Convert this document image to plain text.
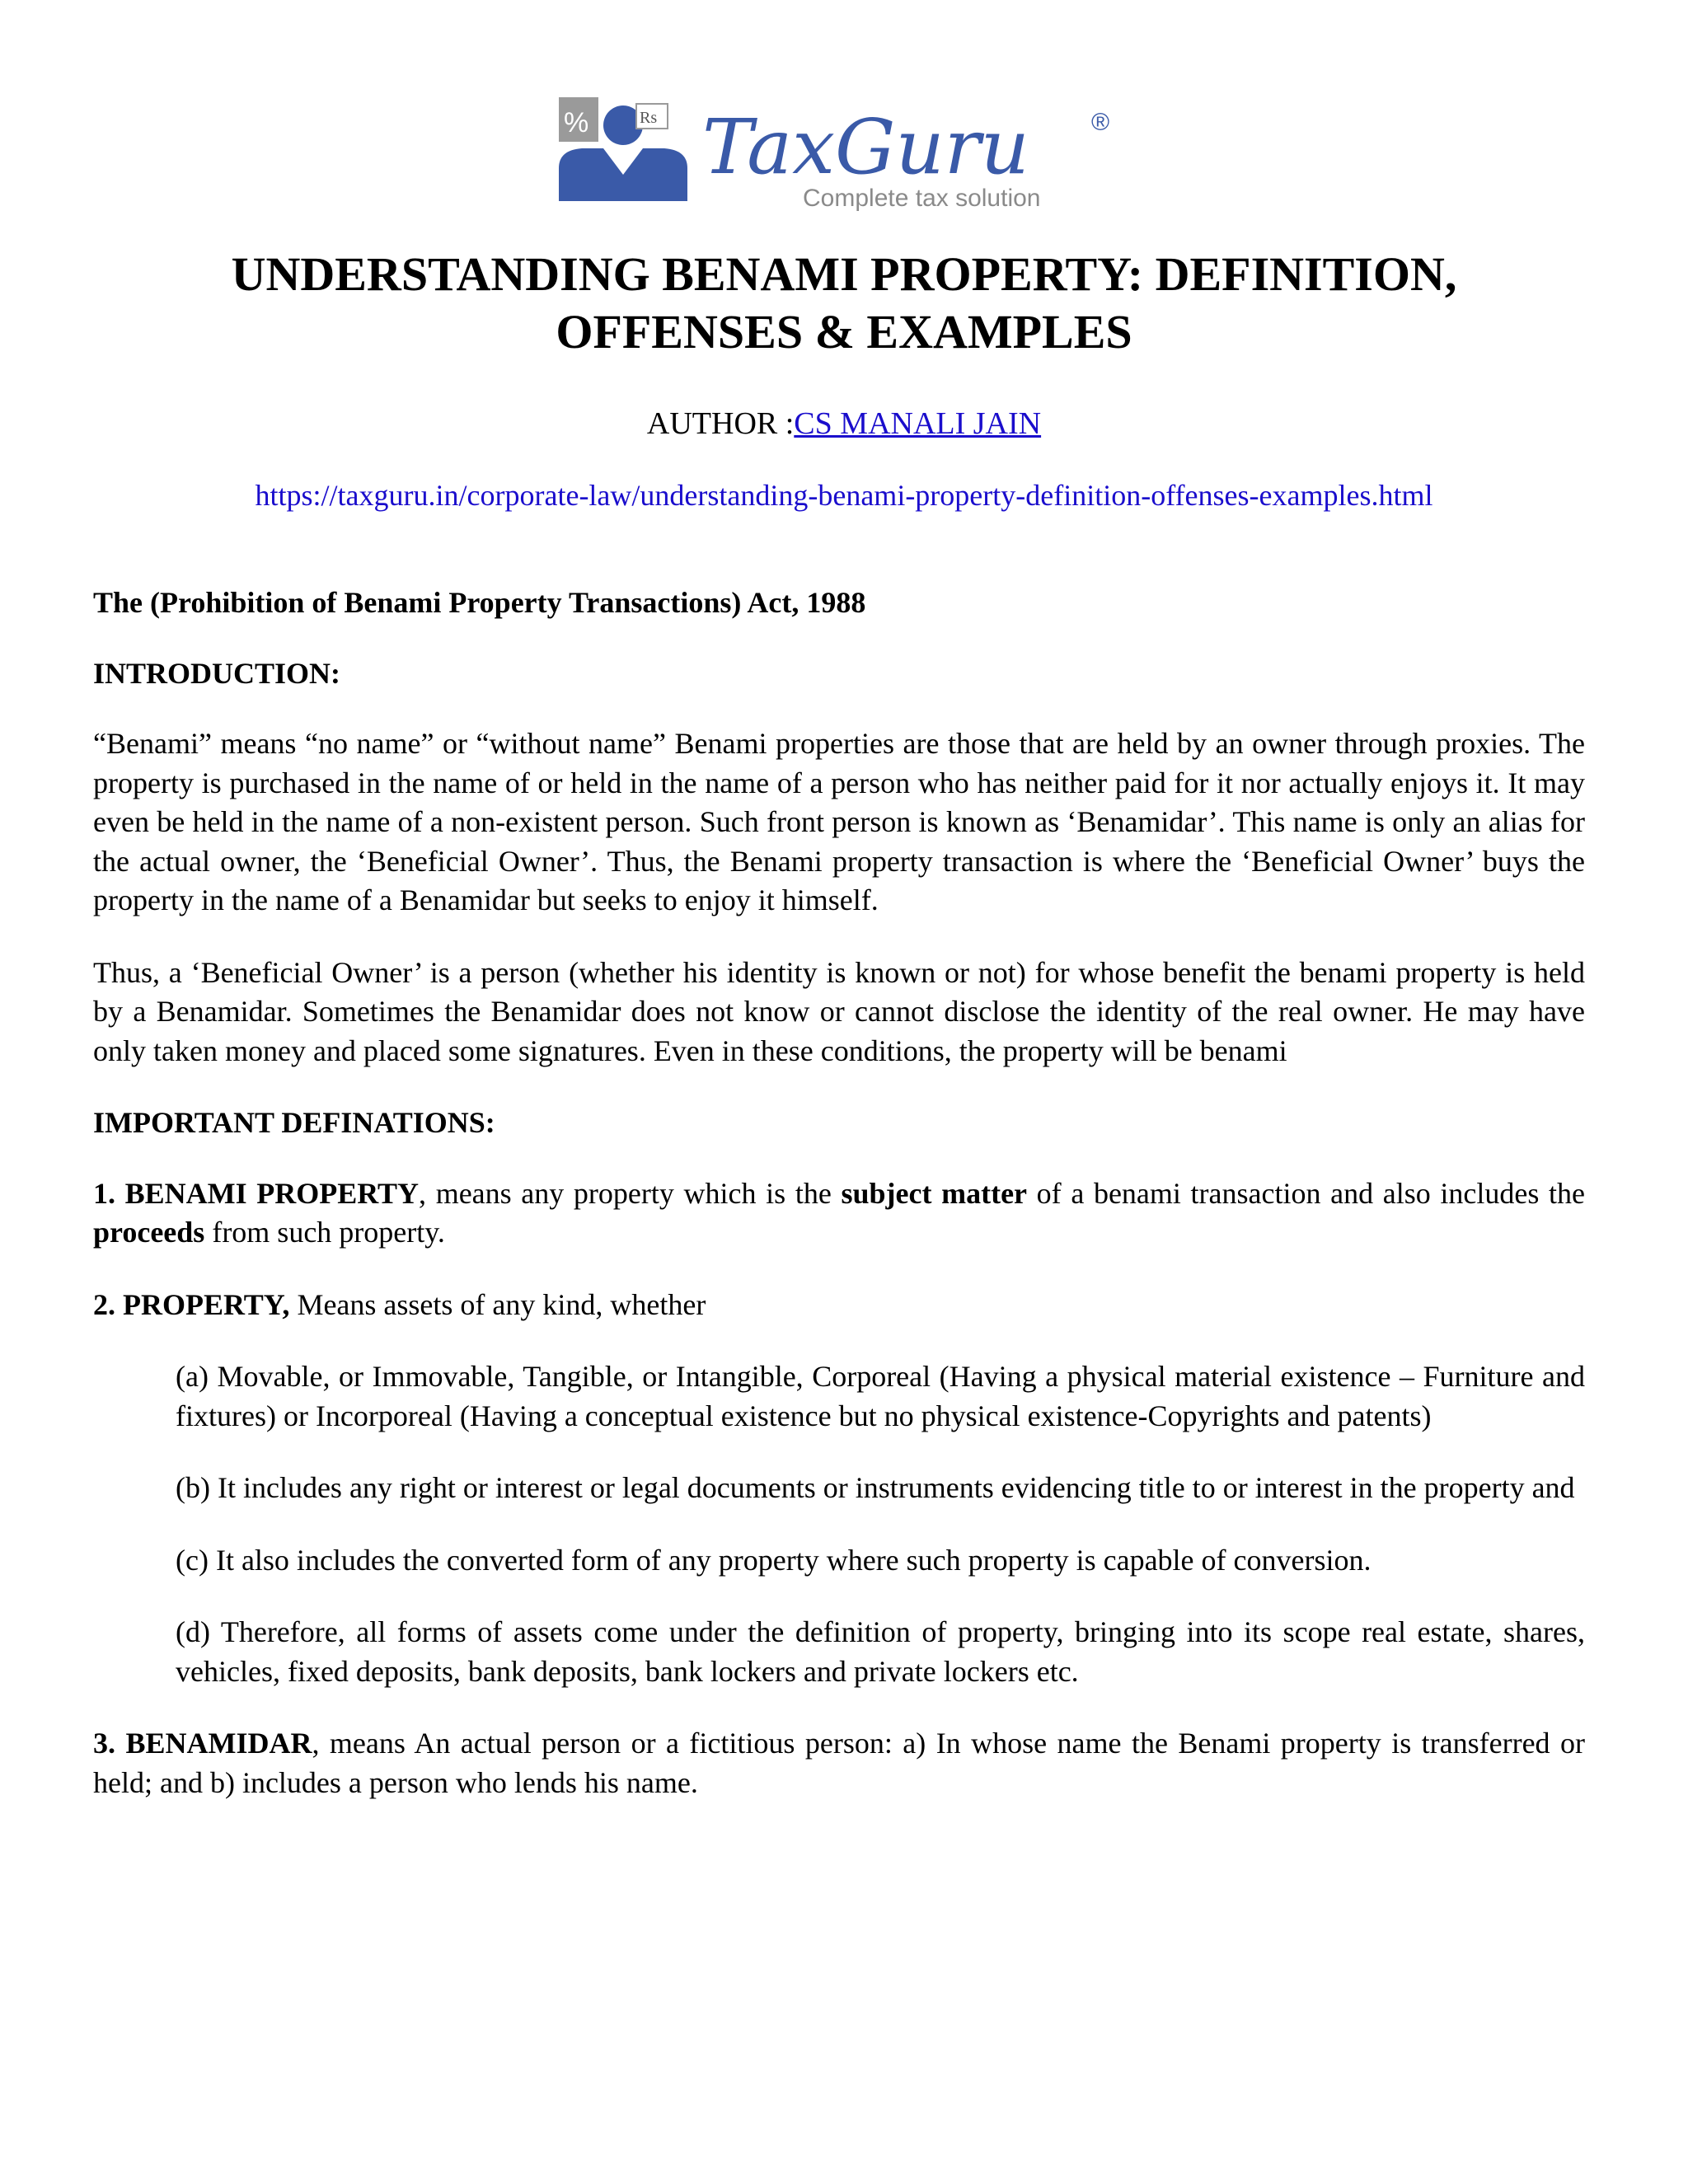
%	Rs TaxGuru	®
Complete tax solution
UNDERSTANDING BENAMI PROPERTY: DEFINITION,
OFFENSES & EXAMPLES
AUTHOR :CS MANALI JAIN
https://taxguru.in/corporate-law/understanding-benami-property-definition-offenses-examples.html

The (Prohibition of Benami Property Transactions) Act, 1988

INTRODUCTION:

“Benami” means “no name” or “without name” Benami properties are those that are held by an owner through proxies. The property is purchased in the name of or held in the name of a person who has neither paid for it nor actually enjoys it. It may even be held in the name of a non-existent person. Such front person is known as ‘Benamidar’. This name is only an alias for the actual owner, the ‘Beneficial Owner’. Thus, the Benami property transaction is where the ‘Beneficial Owner’ buys the property in the name of a Benamidar but seeks to enjoy it himself.

Thus, a ‘Beneficial Owner’ is a person (whether his identity is known or not) for whose benefit the benami property is held by a Benamidar. Sometimes the Benamidar does not know or cannot disclose the identity of the real owner. He may have only taken money and placed some signatures. Even in these conditions, the property will be benami

IMPORTANT DEFINATIONS:

1. BENAMI PROPERTY, means any property which is the subject matter of a benami transaction and also includes the proceeds from such property.

2. PROPERTY, Means assets of any kind, whether

(a) Movable, or Immovable, Tangible, or Intangible, Corporeal (Having a physical material existence – Furniture and fixtures) or Incorporeal (Having a conceptual existence but no physical existence-Copyrights and patents)

(b) It includes any right or interest or legal documents or instruments evidencing title to or interest in the property and

(c) It also includes the converted form of any property where such property is capable of conversion.

(d) Therefore, all forms of assets come under the definition of property, bringing into its scope real estate, shares, vehicles, fixed deposits, bank deposits, bank lockers and private lockers etc.

3. BENAMIDAR, means An actual person or a fictitious person: a) In whose name the Benami property is transferred or held; and b) includes a person who lends his name.
